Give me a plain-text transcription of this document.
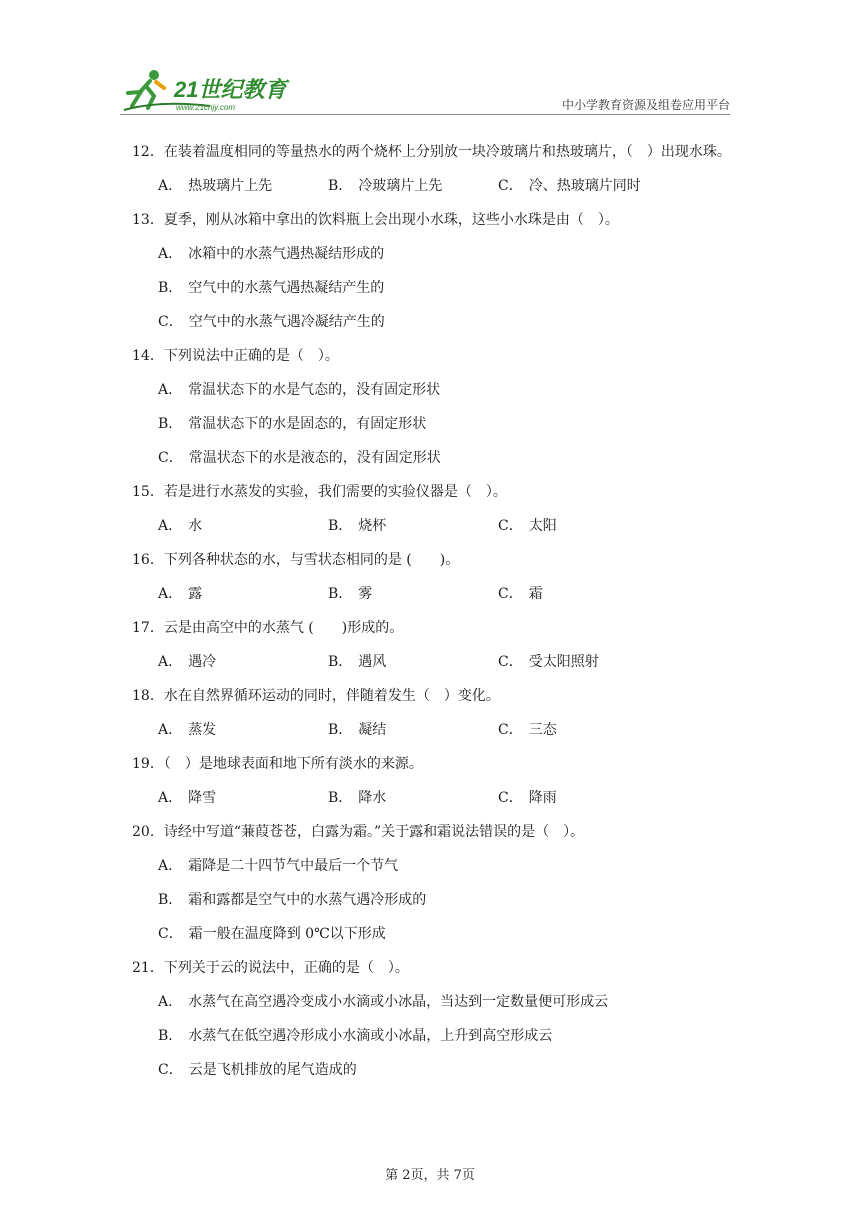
21世纪教育
www.21cnjy.com	中小学教育资源及组卷应用平台
12．在装着温度相同的等量热水的两个烧杯上分别放一块冷玻璃片和热玻璃片，（　）出现水珠。
A． 热玻璃片上先	B． 冷玻璃片上先	C． 冷、热玻璃片同时
13．夏季，刚从冰箱中拿出的饮料瓶上会出现小水珠，这些小水珠是由（　）。
A． 冰箱中的水蒸气遇热凝结形成的
B． 空气中的水蒸气遇热凝结产生的
C． 空气中的水蒸气遇冷凝结产生的
14．下列说法中正确的是（　）。
A． 常温状态下的水是气态的，没有固定形状
B． 常温状态下的水是固态的，有固定形状
C． 常温状态下的水是液态的，没有固定形状
15．若是进行水蒸发的实验，我们需要的实验仪器是（　）。
A． 水	B． 烧杯	C． 太阳
16．下列各种状态的水，与雪状态相同的是 (　　)。
A． 露	B． 雾	C． 霜
17．云是由高空中的水蒸气 (　　)形成的。
A． 遇冷	B． 遇风	C． 受太阳照射
18．水在自然界循环运动的同时，伴随着发生（　）变化。
A． 蒸发	B． 凝结	C． 三态
19．（　）是地球表面和地下所有淡水的来源。
A． 降雪	B． 降水	C． 降雨
20．诗经中写道“蒹葭苍苍，白露为霜。”关于露和霜说法错误的是（　）。
A． 霜降是二十四节气中最后一个节气
B． 霜和露都是空气中的水蒸气遇冷形成的
C． 霜一般在温度降到 0℃以下形成
21．下列关于云的说法中，正确的是（　）。
A． 水蒸气在高空遇冷变成小水滴或小冰晶，当达到一定数量便可形成云
B． 水蒸气在低空遇冷形成小水滴或小冰晶，上升到高空形成云
C． 云是飞机排放的尾气造成的
第 2页，共 7页
